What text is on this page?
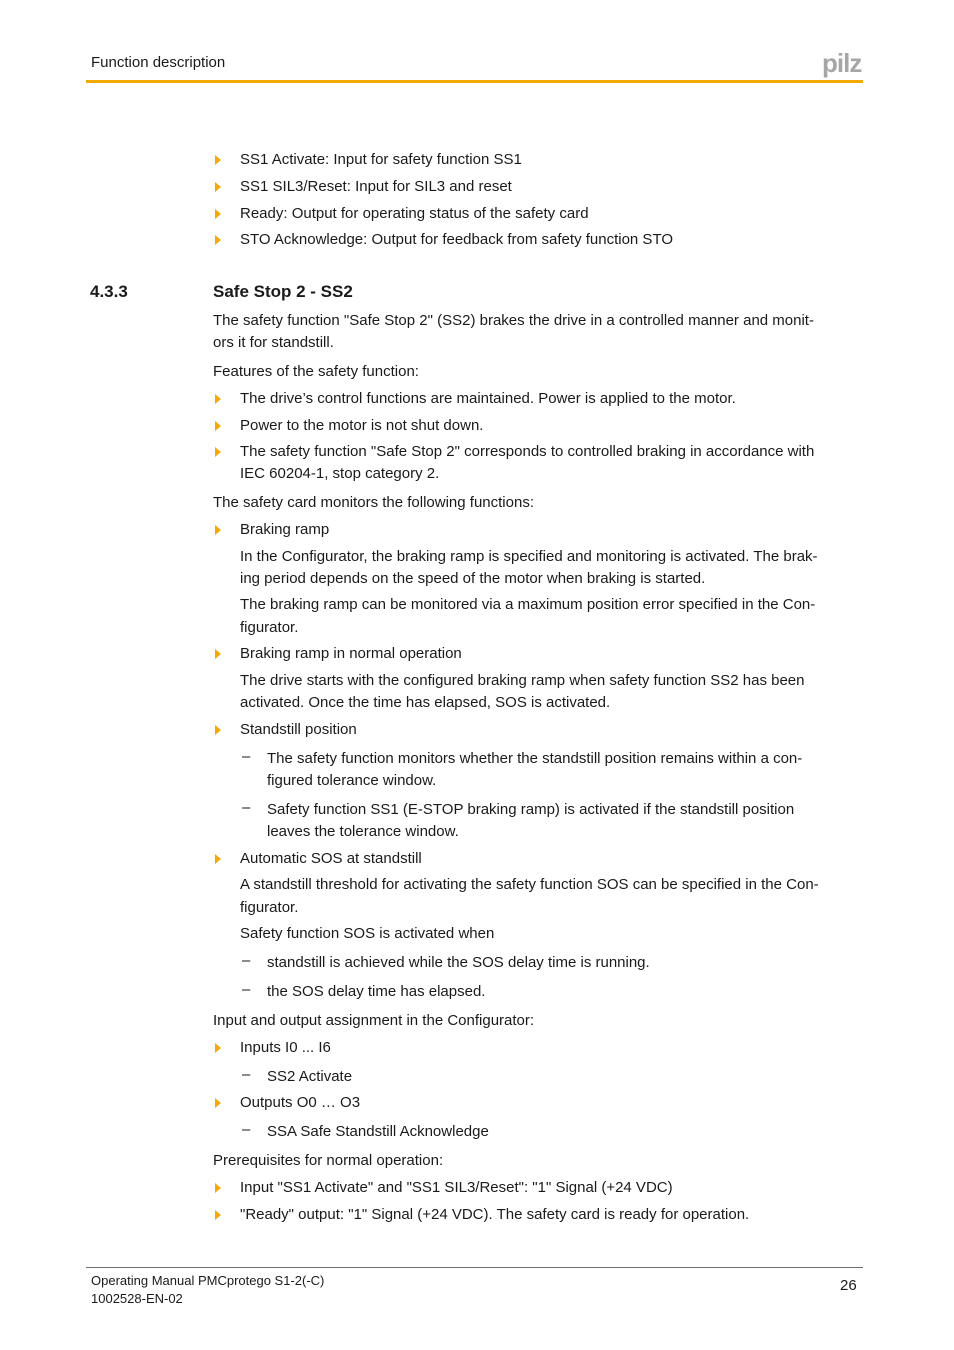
Function description	pilz
SS1 Activate: Input for safety function SS1
SS1 SIL3/Reset: Input for SIL3 and reset
Ready: Output for operating status of the safety card
STO Acknowledge: Output for feedback from safety function STO
4.3.3	Safe Stop 2 - SS2
The safety function "Safe Stop 2" (SS2) brakes the drive in a controlled manner and monit-
ors it for standstill.
Features of the safety function:
The drive’s control functions are maintained. Power is applied to the motor.
Power to the motor is not shut down.
The safety function "Safe Stop 2" corresponds to controlled braking in accordance with
IEC 60204-1, stop category 2.
The safety card monitors the following functions:
Braking ramp
In the Configurator, the braking ramp is specified and monitoring is activated. The brak-
ing period depends on the speed of the motor when braking is started.
The braking ramp can be monitored via a maximum position error specified in the Con-
figurator.
Braking ramp in normal operation
The drive starts with the configured braking ramp when safety function SS2 has been
activated. Once the time has elapsed, SOS is activated.
Standstill position
– The safety function monitors whether the standstill position remains within a con-
figured tolerance window.
– Safety function SS1 (E-STOP braking ramp) is activated if the standstill position
leaves the tolerance window.
Automatic SOS at standstill
A standstill threshold for activating the safety function SOS can be specified in the Con-
figurator.
Safety function SOS is activated when
– standstill is achieved while the SOS delay time is running.
– the SOS delay time has elapsed.
Input and output assignment in the Configurator:
Inputs I0 ... I6
– SS2 Activate
Outputs O0 … O3
– SSA Safe Standstill Acknowledge
Prerequisites for normal operation:
Input "SS1 Activate" and "SS1 SIL3/Reset": "1" Signal (+24 VDC)
"Ready" output: "1" Signal (+24 VDC). The safety card is ready for operation.
Operating Manual PMCprotego S1-2(-C)
1002528-EN-02
26
